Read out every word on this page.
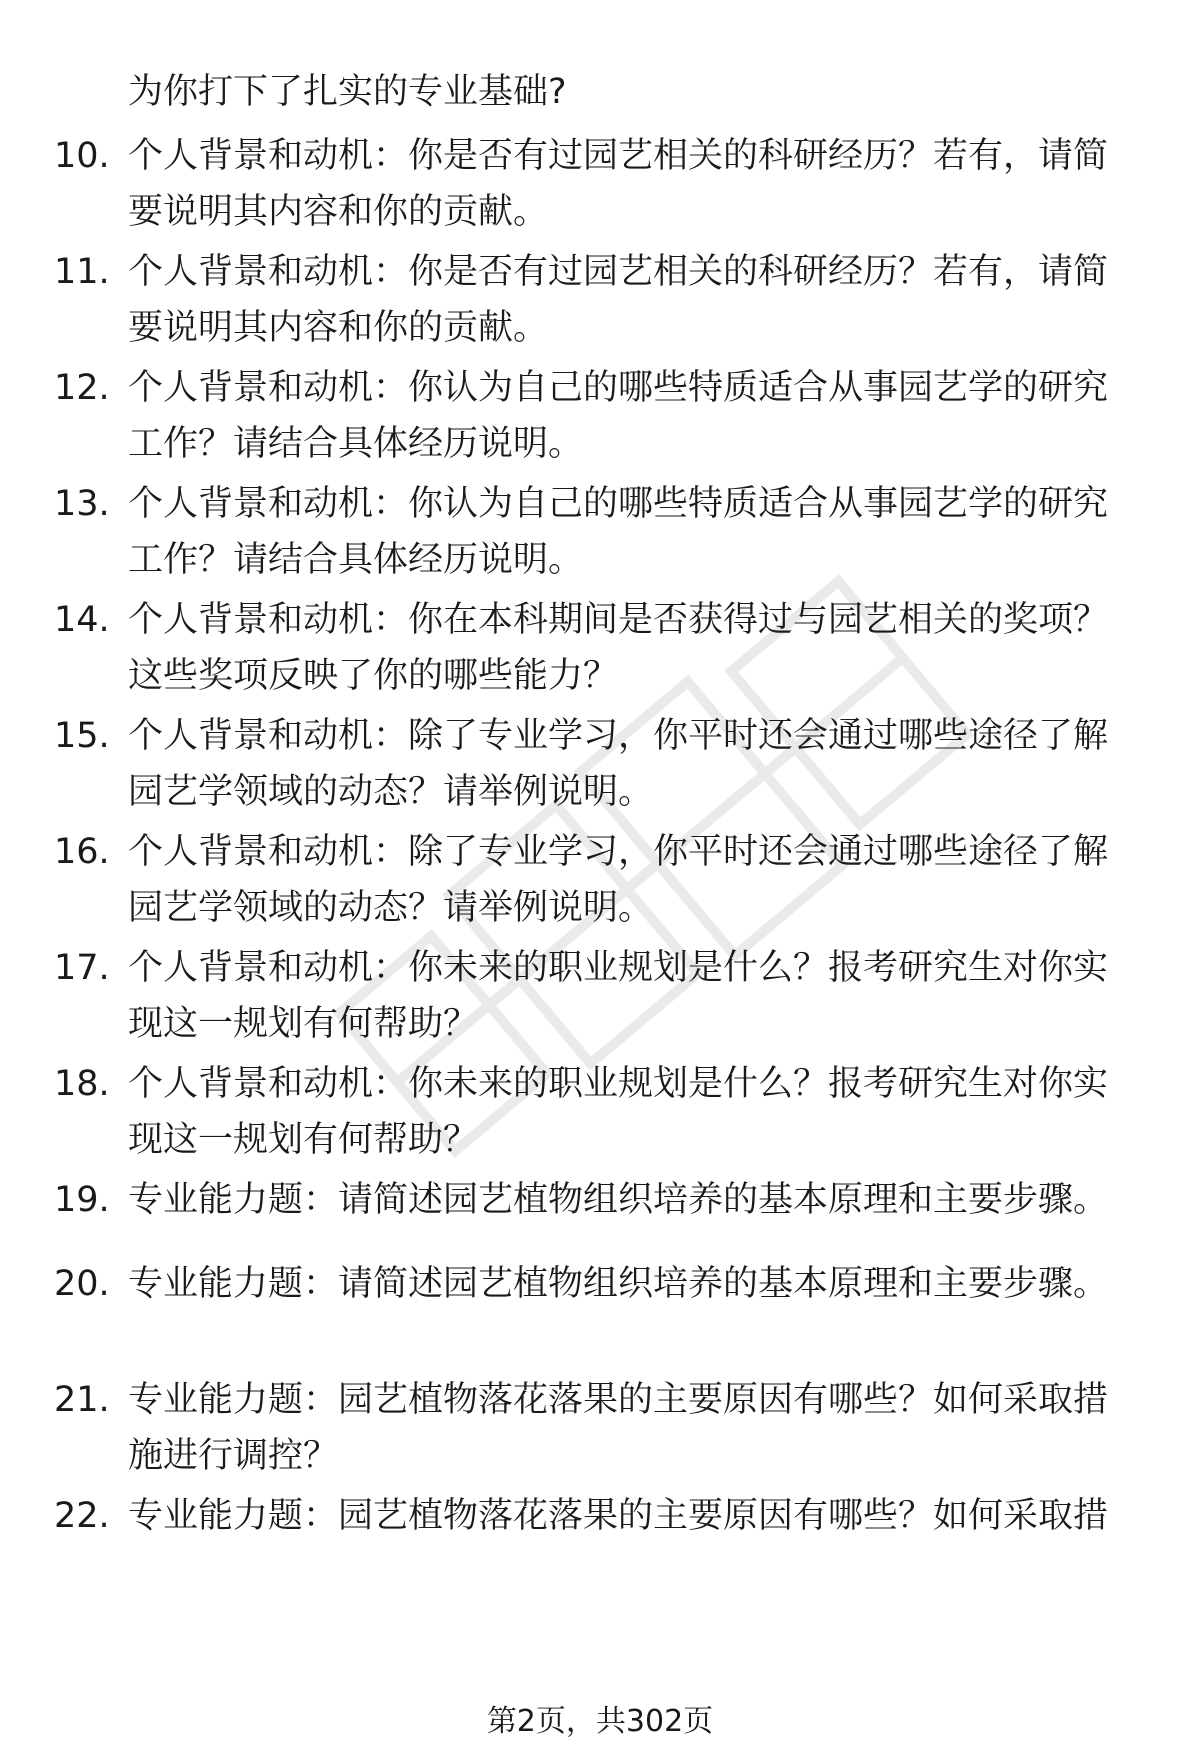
为你打下了扎实的专业基础?
10. 个人背景和动机：你是否有过园艺相关的科研经历？若有，请简要说明其内容和你的贡献。
11. 个人背景和动机：你是否有过园艺相关的科研经历？若有，请简要说明其内容和你的贡献。
12. 个人背景和动机：你认为自己的哪些特质适合从事园艺学的研究工作？请结合具体经历说明。
13. 个人背景和动机：你认为自己的哪些特质适合从事园艺学的研究工作？请结合具体经历说明。
14. 个人背景和动机：你在本科期间是否获得过与园艺相关的奖项？这些奖项反映了你的哪些能力？
15. 个人背景和动机：除了专业学习，你平时还会通过哪些途径了解园艺学领域的动态？请举例说明。
16. 个人背景和动机：除了专业学习，你平时还会通过哪些途径了解园艺学领域的动态？请举例说明。
17. 个人背景和动机：你未来的职业规划是什么？报考研究生对你实现这一规划有何帮助？
18. 个人背景和动机：你未来的职业规划是什么？报考研究生对你实现这一规划有何帮助？
19. 专业能力题：请简述园艺植物组织培养的基本原理和主要步骤。
20. 专业能力题：请简述园艺植物组织培养的基本原理和主要步骤。
21. 专业能力题：园艺植物落花落果的主要原因有哪些？如何采取措施进行调控？
22. 专业能力题：园艺植物落花落果的主要原因有哪些？如何采取措
第2页，共302页
